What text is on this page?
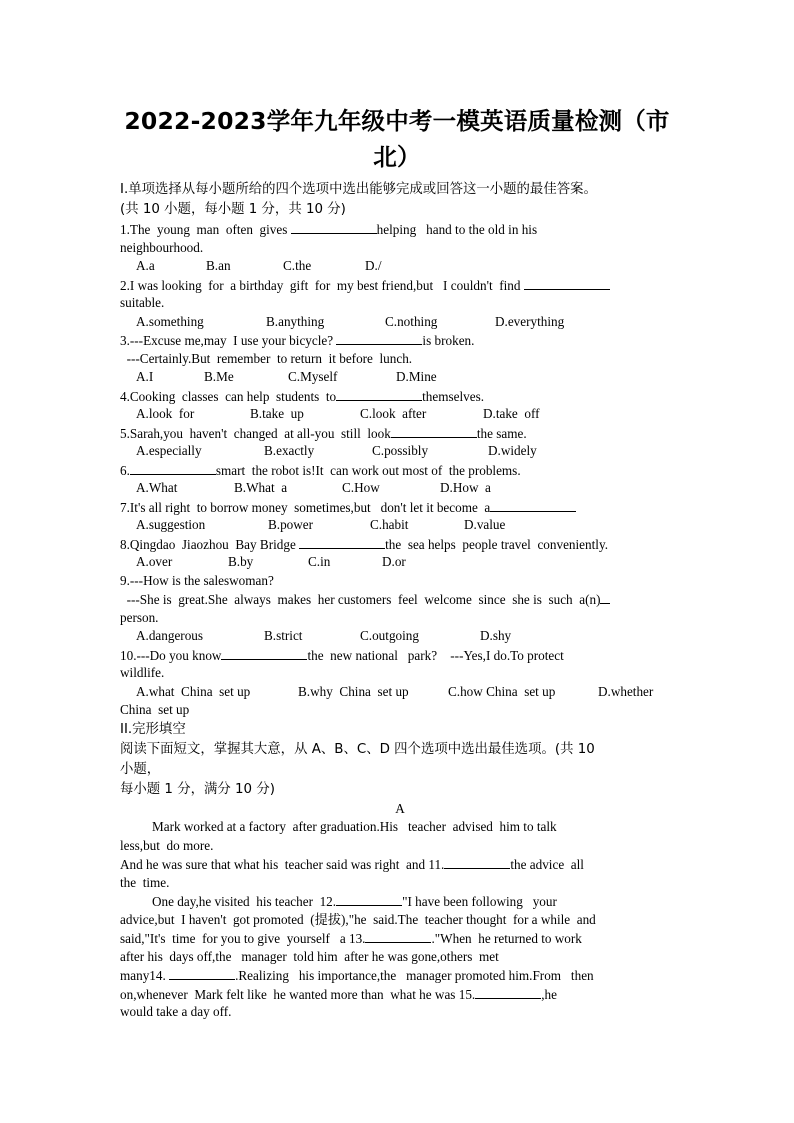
2022-2023学年九年级中考一模英语质量检测（市
北）
I.单项选择从每小题所给的四个选项中选出能够完成或回答这一小题的最佳答案。
(共 10 小题，每小题 1 分，共 10 分)
1.The  young  man  often  gives	helping   hand to the old in his
neighbourhood.
A.a	B.an	C.the	D./
2.I was looking  for  a birthday  gift  for  my best friend,but   I couldn't  find
suitable.
A.something	B.anything	C.nothing	D.everything
3.---Excuse me,may  I use your bicycle?	is broken.
---Certainly.But  remember  to return  it before  lunch.
A.I	B.Me	C.Myself	D.Mine
4.Cooking  classes  can help  students  to	themselves.
A.look  for	B.take  up	C.look  after	D.take  off
5.Sarah,you  haven't  changed  at all-you  still  look	the same.
A.especially	B.exactly	C.possibly	D.widely
6.	smart  the robot is!It  can work out most of  the problems.
A.What	B.What  a	C.How	D.How  a
7.It's all right  to borrow money  sometimes,but   don't let it become  a
A.suggestion	B.power	C.habit	D.value
8.Qingdao  Jiaozhou  Bay Bridge	the  sea helps  people travel  conveniently.
A.over	B.by	C.in	D.or
9.---How is the saleswoman?
---She is  great.She  always  makes  her customers  feel  welcome  since  she is  such  a(n)
person.
A.dangerous	B.strict	C.outgoing	D.shy
10.---Do you know	the  new national   park?    ---Yes,I do.To protect
wildlife.
A.what  China  set up	B.why  China  set up	C.how China  set up	D.whether
China  set up
II.完形填空
阅读下面短文，掌握其大意，从 A、B、C、D 四个选项中选出最佳选项。(共 10
小题，
每小题 1 分，满分 10 分)
A
Mark worked at a factory  after graduation.His   teacher  advised  him to talk
less,but  do more.
And he was sure that what his  teacher said was right  and 11.	the advice  all
the  time.
One day,he visited  his teacher  12.	"I have been following   your
advice,but  I haven't  got promoted  (提拔),"he  said.The  teacher thought  for a while  and
said,"It's  time  for you to give  yourself   a 13.	."When  he returned to work
after his  days off,the   manager  told him  after he was gone,others  met
many14.	.Realizing   his importance,the   manager promoted him.From   then
on,whenever  Mark felt like  he wanted more than  what he was 15.	,he
would take a day off.
